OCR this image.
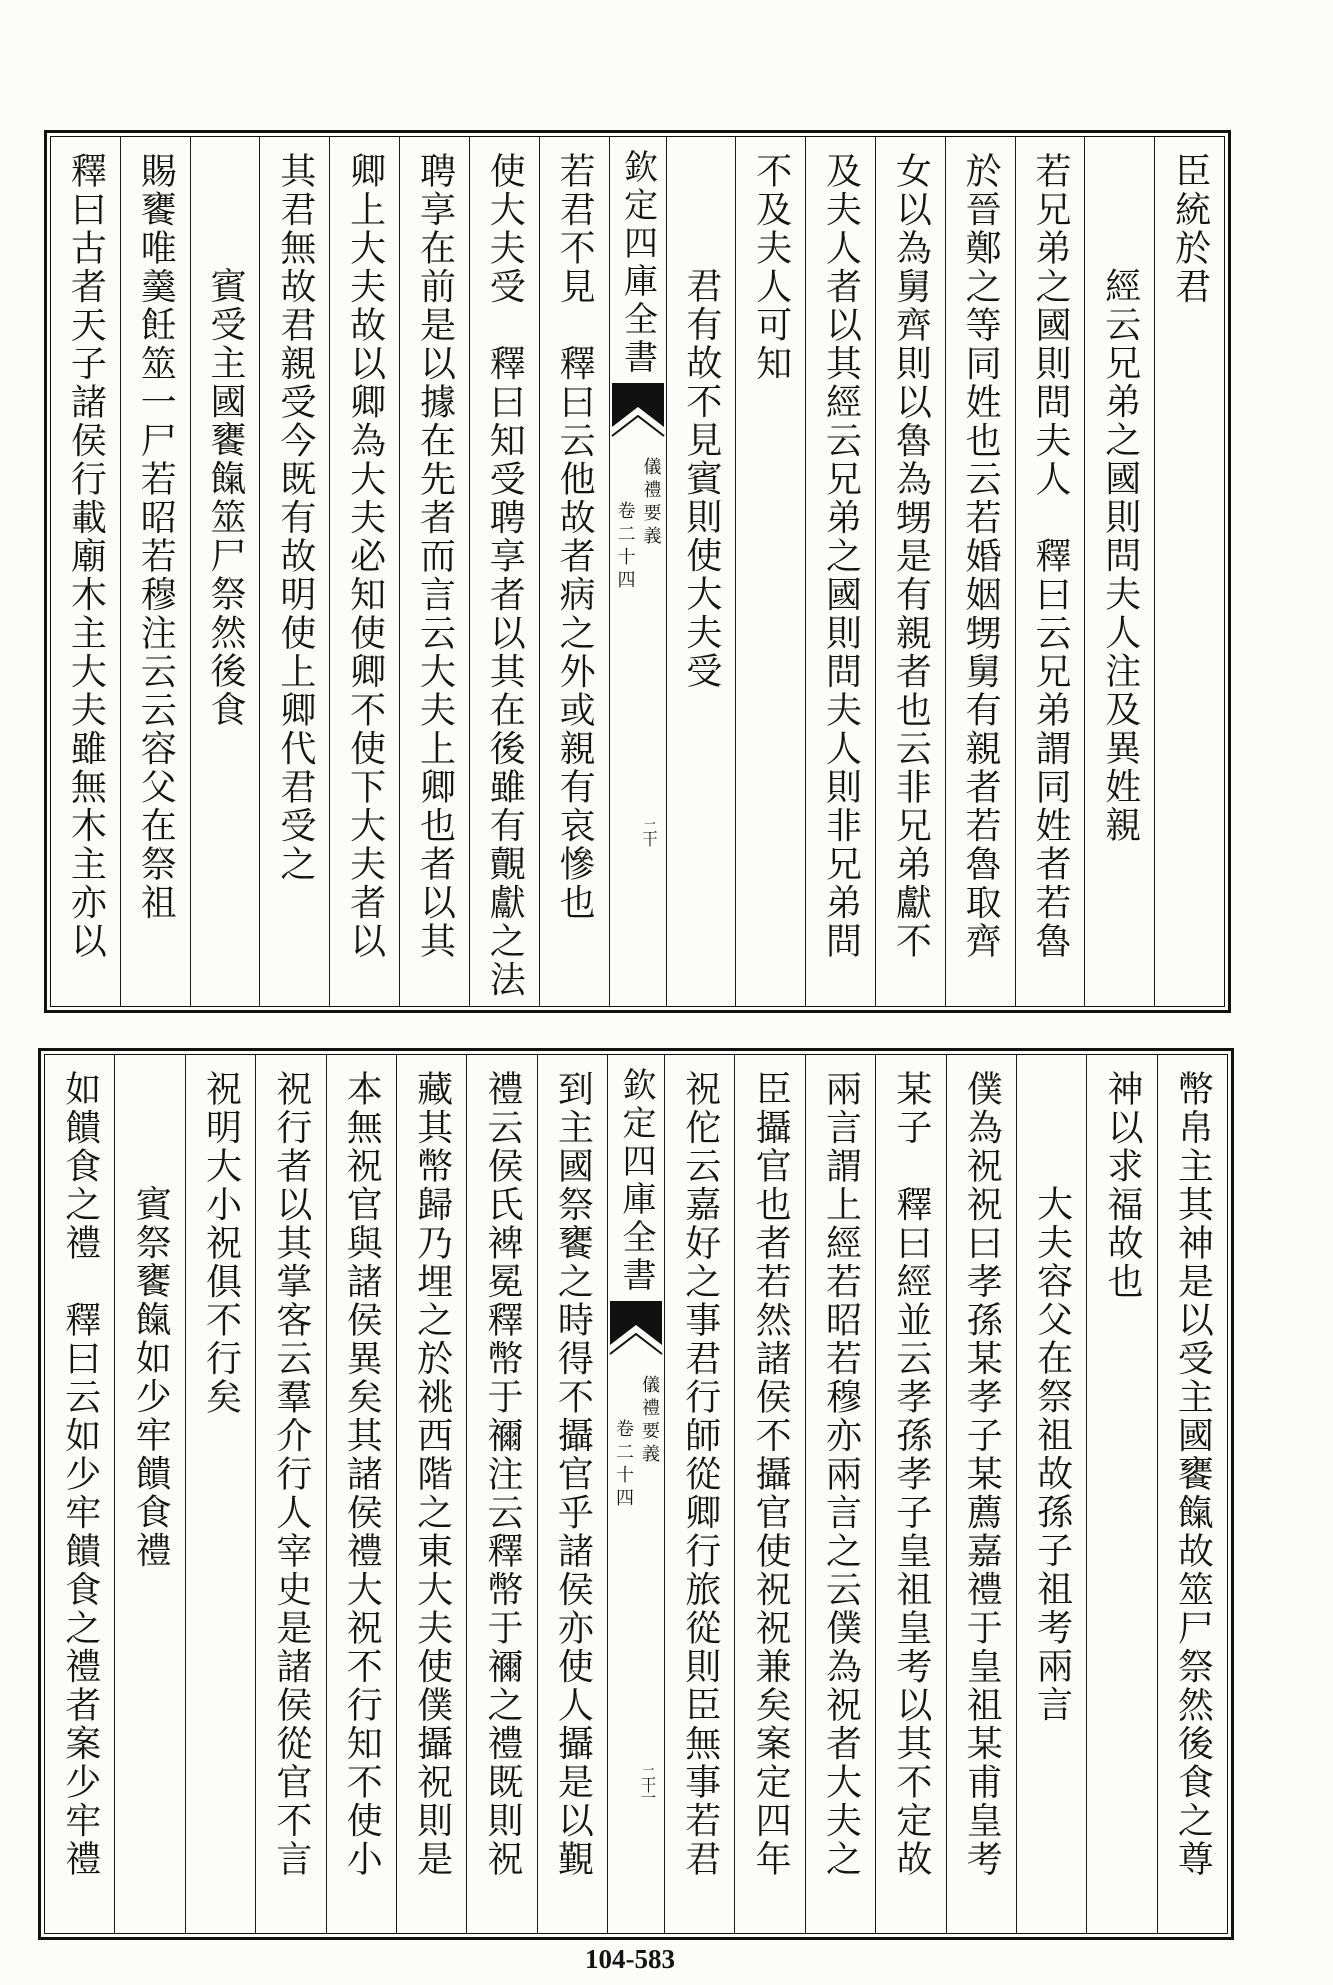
臣統於君
經云兄弟之國則問夫人注及異姓親
若兄弟之國則問夫人　釋曰云兄弟謂同姓者若魯
於晉鄭之等同姓也云若婚姻甥舅有親者若魯取齊
女以為舅齊則以魯為甥是有親者也云非兄弟獻不
及夫人者以其經云兄弟之國則問夫人則非兄弟問
不及夫人可知
君有故不見賓則使大夫受
欽定四庫全書
儀禮要義
卷二十四
二十
若君不見　釋曰云他故者病之外或親有哀慘也
使大夫受　釋曰知受聘享者以其在後雖有覿獻之法
聘享在前是以據在先者而言云大夫上卿也者以其
卿上大夫故以卿為大夫必知使卿不使下大夫者以
其君無故君親受今既有故明使上卿代君受之
賓受主國饔餼筮尸祭然後食
賜饔唯羹飪筮一尸若昭若穆注云云容父在祭祖
釋曰古者天子諸侯行載廟木主大夫雖無木主亦以
幣帛主其神是以受主國饔餼故筮尸祭然後食之尊
神以求福故也
大夫容父在祭祖故孫子祖考兩言
僕為祝祝曰孝孫某孝子某薦嘉禮于皇祖某甫皇考
某子　釋曰經並云孝孫孝子皇祖皇考以其不定故
兩言謂上經若昭若穆亦兩言之云僕為祝者大夫之
臣攝官也者若然諸侯不攝官使祝祝兼矣案定四年
祝佗云嘉好之事君行師從卿行旅從則臣無事若君
欽定四庫全書
儀禮要義
卷二十四
二十一
到主國祭饔之時得不攝官乎諸侯亦使人攝是以覲
禮云侯氏裨冕釋幣于禰注云釋幣于禰之禮既則祝
藏其幣歸乃埋之於祧西階之東大夫使僕攝祝則是
本無祝官與諸侯異矣其諸侯禮大祝不行知不使小
祝行者以其掌客云羣介行人宰史是諸侯從官不言
祝明大小祝俱不行矣
賓祭饔餼如少牢饋食禮
如饋食之禮　釋曰云如少牢饋食之禮者案少牢禮
104-583
